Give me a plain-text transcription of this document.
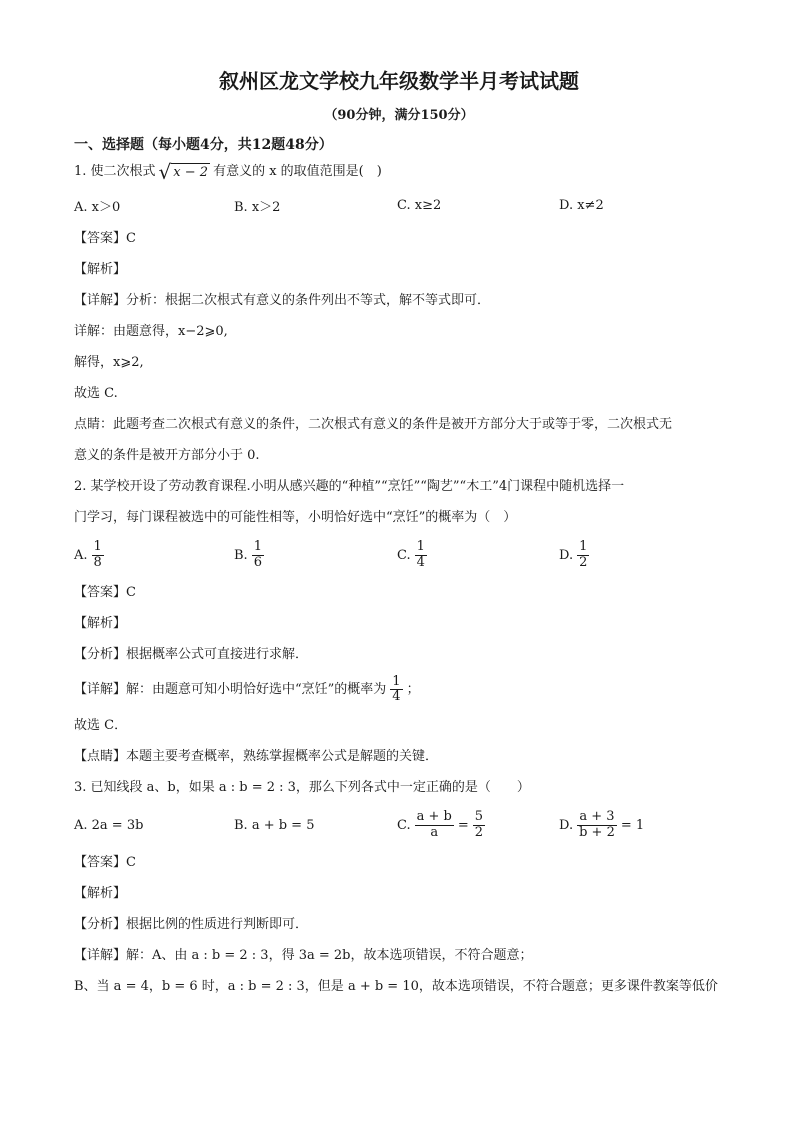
叙州区龙文学校九年级数学半月考试试题
（90分钟，满分150分）
一、选择题（每小题4分，共12题48分）
1. 使二次根式 √ x − 2 有意义的 x 的取值范围是(　)
A. x＞0	B. x＞2	C. x≥2	D. x≠2
【答案】C
【解析】
【详解】分析：根据二次根式有意义的条件列出不等式，解不等式即可．
详解：由题意得，x−2⩾0,
解得，x⩾2,
故选 C.
点睛：此题考查二次根式有意义的条件，二次根式有意义的条件是被开方部分大于或等于零，二次根式无
意义的条件是被开方部分小于 0.
2. 某学校开设了劳动教育课程.小明从感兴趣的“种植”“烹饪”“陶艺”“木工”4门课程中随机选择一
门学习，每门课程被选中的可能性相等，小明恰好选中“烹饪”的概率为（　）
A. $\frac{1}{8}$	B. $\frac{1}{6}$	C. $\frac{1}{4}$	D. $\frac{1}{2}$
【答案】C
【解析】
【分析】根据概率公式可直接进行求解．
【详解】解：由题意可知小明恰好选中“烹饪”的概率为 $\frac{1}{4}$ ；
故选 C．
【点睛】本题主要考查概率，熟练掌握概率公式是解题的关键．
3. 已知线段 a、b，如果 a : b = 2 : 3，那么下列各式中一定正确的是（　　）
A. 2a = 3b	B. a + b = 5	C. $\frac{a + b}{a} = \frac{5}{2}$	D. $\frac{a + 3}{b + 2} = 1$
【答案】C
【解析】
【分析】根据比例的性质进行判断即可．
【详解】解：A、由 a : b = 2 : 3，得 3a = 2b，故本选项错误，不符合题意；
B、当 a = 4，b = 6 时，a : b = 2 : 3，但是 a + b = 10，故本选项错误，不符合题意；更多课件教案等低价
